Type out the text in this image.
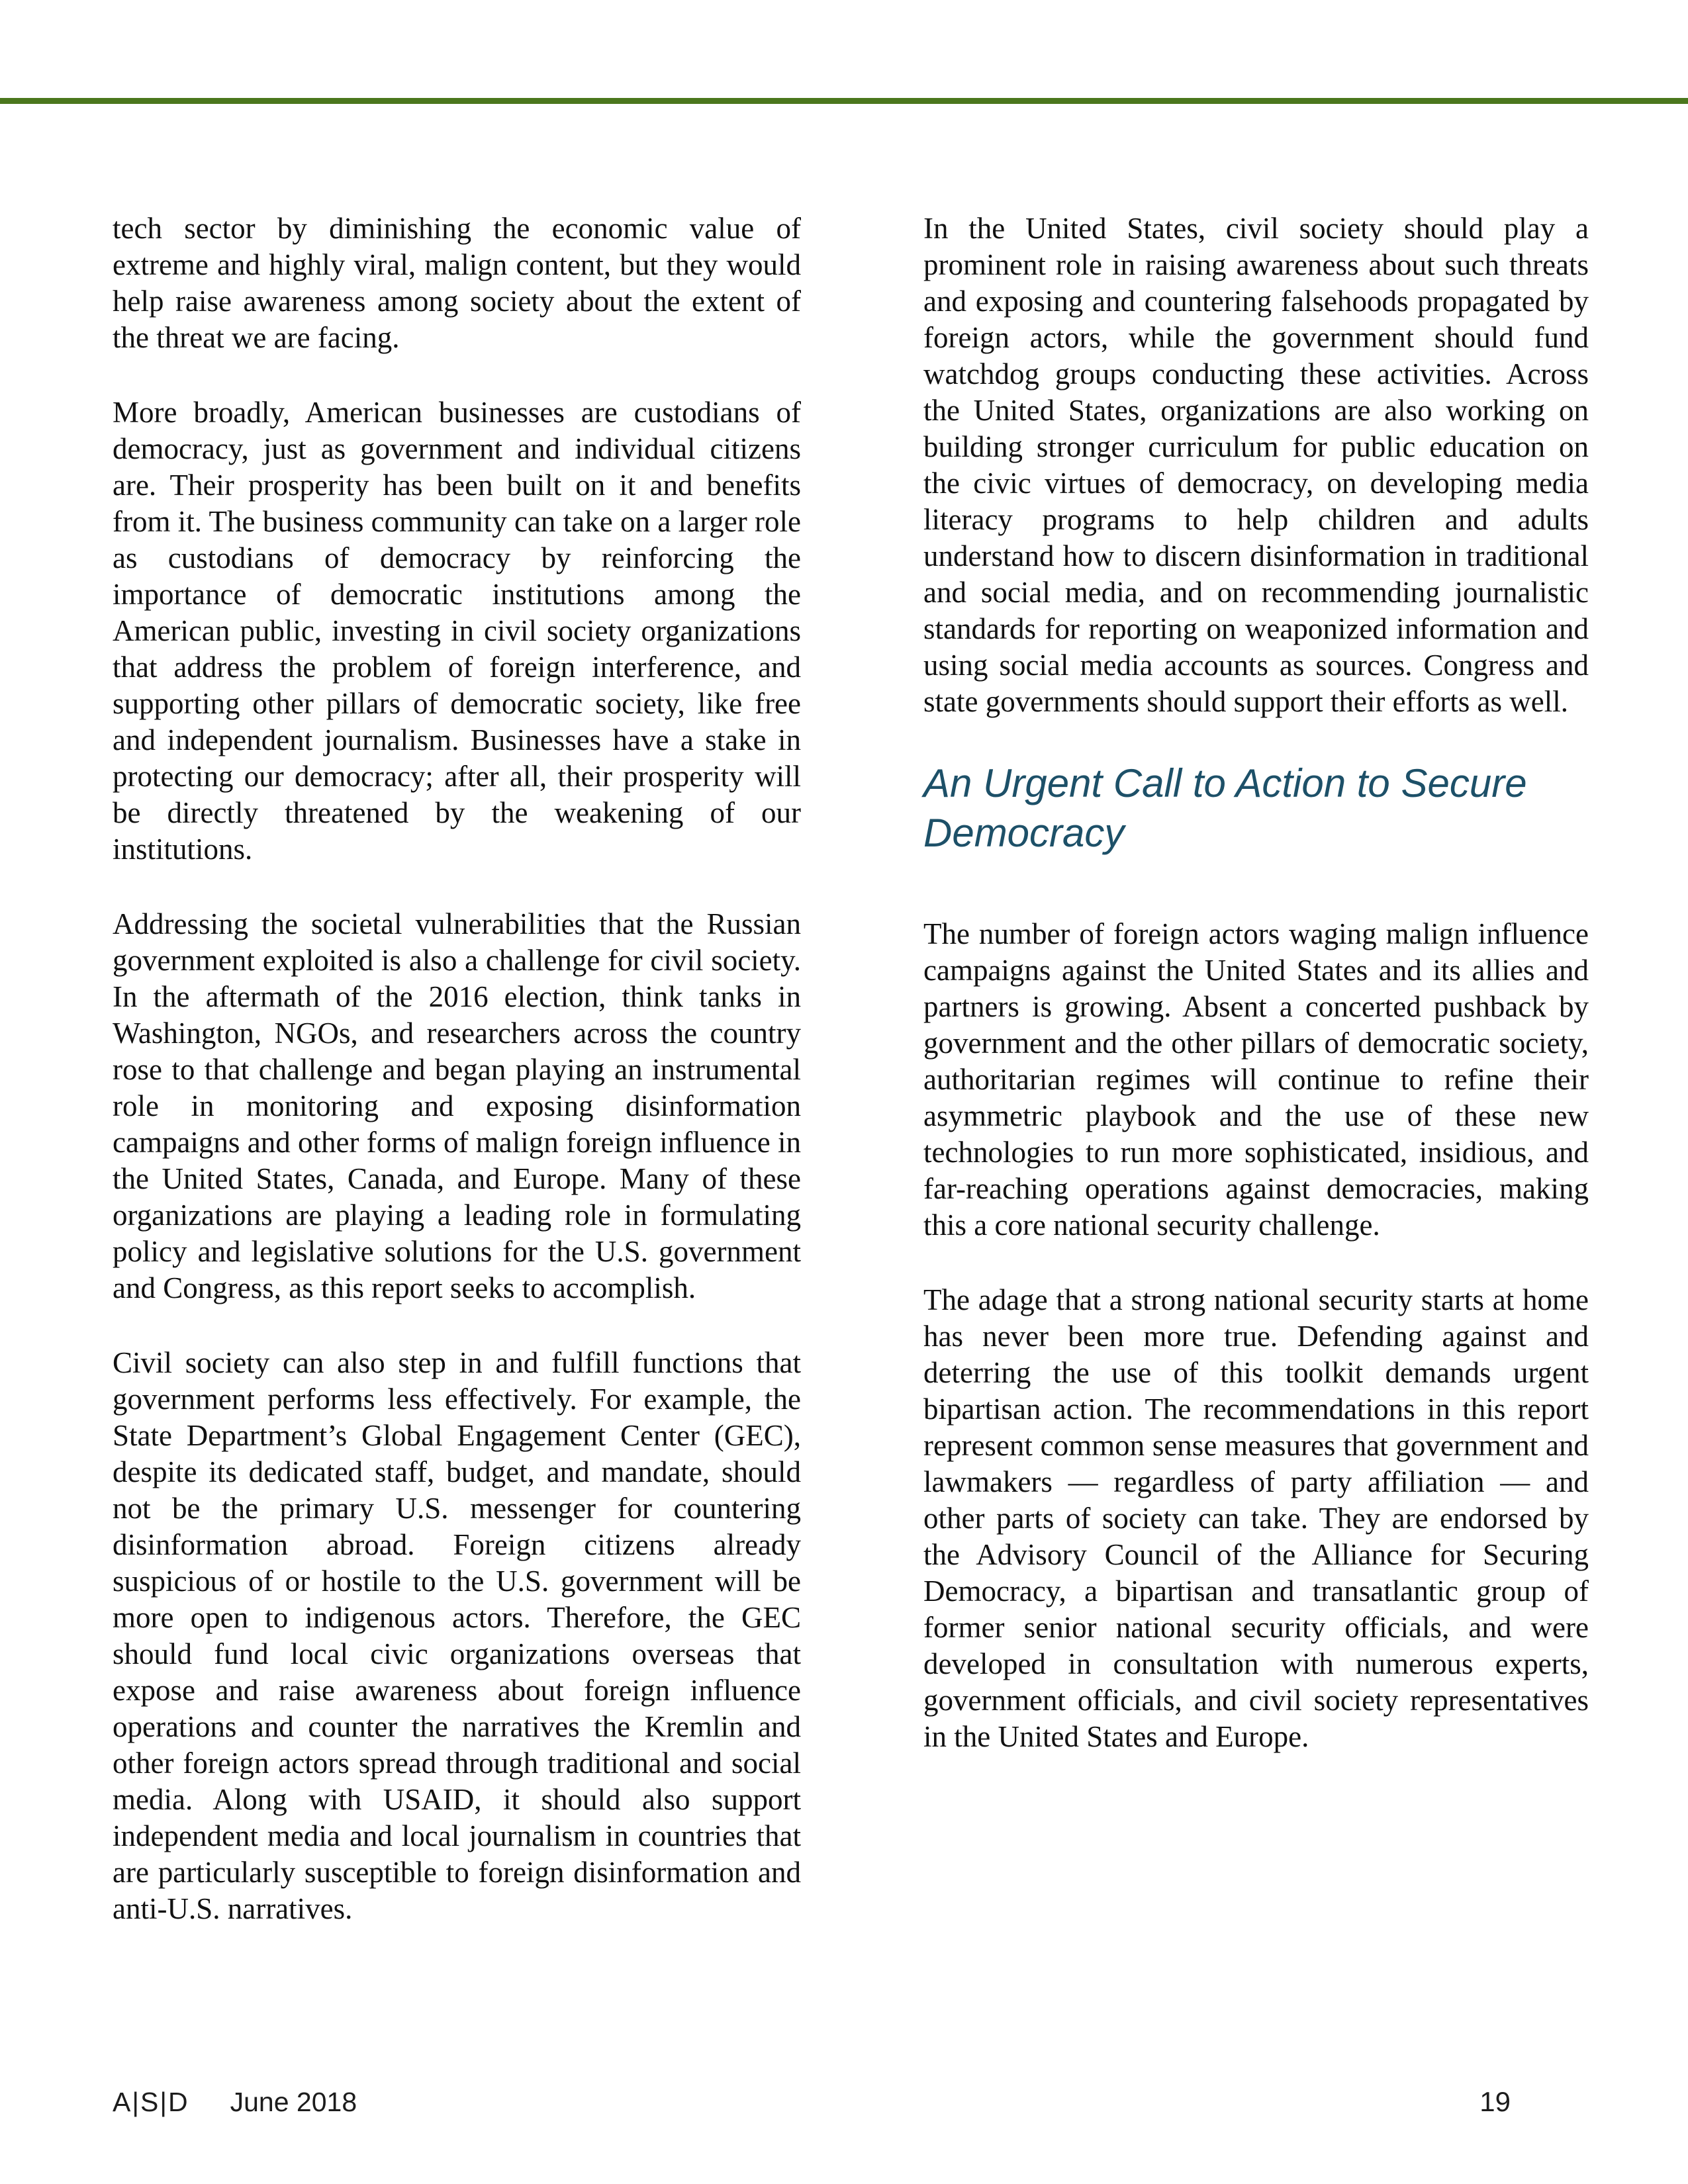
tech sector by diminishing the economic value of extreme and highly viral, malign content, but they would help raise awareness among society about the extent of the threat we are facing.

More broadly, American businesses are custodians of democracy, just as government and individual citizens are. Their prosperity has been built on it and benefits from it. The business community can take on a larger role as custodians of democracy by reinforcing the importance of democratic institutions among the American public, investing in civil society organizations that address the problem of foreign interference, and supporting other pillars of democratic society, like free and independent journalism. Businesses have a stake in protecting our democracy; after all, their prosperity will be directly threatened by the weakening of our institutions.

Addressing the societal vulnerabilities that the Russian government exploited is also a challenge for civil society. In the aftermath of the 2016 election, think tanks in Washington, NGOs, and researchers across the country rose to that challenge and began playing an instrumental role in monitoring and exposing disinformation campaigns and other forms of malign foreign influence in the United States, Canada, and Europe. Many of these organizations are playing a leading role in formulating policy and legislative solutions for the U.S. government and Congress, as this report seeks to accomplish.

Civil society can also step in and fulfill functions that government performs less effectively. For example, the State Department’s Global Engagement Center (GEC), despite its dedicated staff, budget, and mandate, should not be the primary U.S. messenger for countering disinformation abroad. Foreign citizens already suspicious of or hostile to the U.S. government will be more open to indigenous actors. Therefore, the GEC should fund local civic organizations overseas that expose and raise awareness about foreign influence operations and counter the narratives the Kremlin and other foreign actors spread through traditional and social media. Along with USAID, it should also support independent media and local journalism in countries that are particularly susceptible to foreign disinformation and anti-U.S. narratives.

In the United States, civil society should play a prominent role in raising awareness about such threats and exposing and countering falsehoods propagated by foreign actors, while the government should fund watchdog groups conducting these activities. Across the United States, organizations are also working on building stronger curriculum for public education on the civic virtues of democracy, on developing media literacy programs to help children and adults understand how to discern disinformation in traditional and social media, and on recommending journalistic standards for reporting on weaponized information and using social media accounts as sources. Congress and state governments should support their efforts as well.

An Urgent Call to Action to Secure Democracy

The number of foreign actors waging malign influence campaigns against the United States and its allies and partners is growing. Absent a concerted pushback by government and the other pillars of democratic society, authoritarian regimes will continue to refine their asymmetric playbook and the use of these new technologies to run more sophisticated, insidious, and far-reaching operations against democracies, making this a core national security challenge.

The adage that a strong national security starts at home has never been more true. Defending against and deterring the use of this toolkit demands urgent bipartisan action. The recommendations in this report represent common sense measures that government and lawmakers — regardless of party affiliation — and other parts of society can take. They are endorsed by the Advisory Council of the Alliance for Securing Democracy, a bipartisan and transatlantic group of former senior national security officials, and were developed in consultation with numerous experts, government officials, and civil society representatives in the United States and Europe.

A|S|D June 2018	19
